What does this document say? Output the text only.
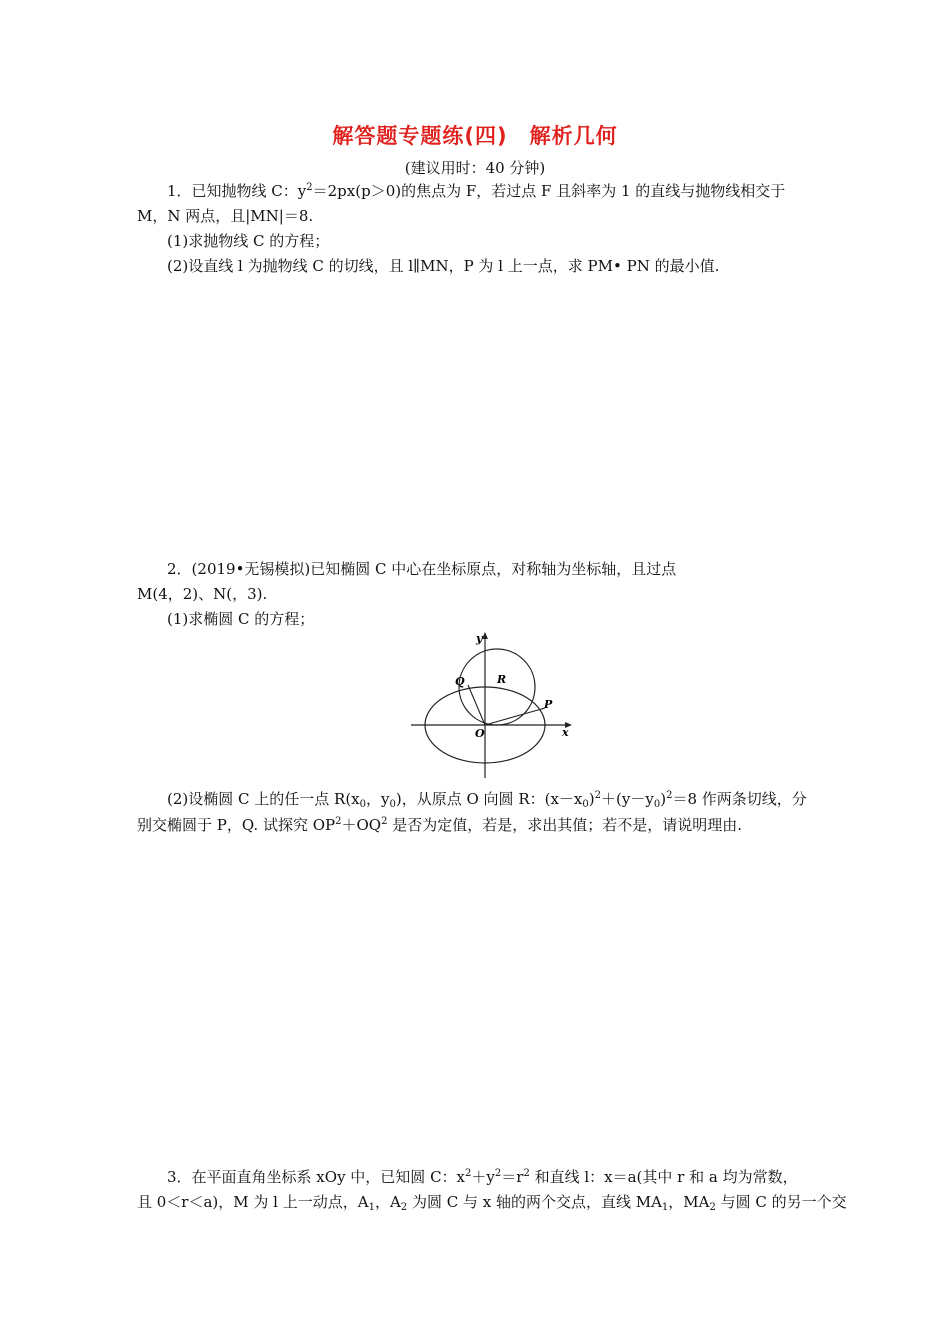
解答题专题练(四)　解析几何
(建议用时：40 分钟)
1．已知抛物线 C：$y^2=2px(p>0)$的焦点为 F，若过点 F 且斜率为 1 的直线与抛物线相交于
M，N 两点，且|MN|＝8.
(1)求抛物线 C 的方程；
(2)设直线 l 为抛物线 C 的切线，且 l∥MN，P 为 l 上一点，求 PM• PN 的最小值.
2．(2019•无锡模拟)已知椭圆 C 中心在坐标原点，对称轴为坐标轴，且过点
M(4，2)、N(，3).
(1)求椭圆 C 的方程；
y
x
O
Q	R
P
(2)设椭圆 C 上的任一点 $R(x_0$，$y_0$)，从原点 O 向圆 R：$(x-x_0)^2+(y-y_0)^2=8$ 作两条切线，分
别交椭圆于 P，Q. 试探究 $OP^2+OQ^2$ 是否为定值，若是，求出其值；若不是，请说明理由.
3．在平面直角坐标系 xOy 中，已知圆 C：$x^2+y^2=r^2$ 和直线 l：x＝a(其中 r 和 a 均为常数，
且 0＜r＜a)，M 为 l 上一动点，$A_1$，$A_2$ 为圆 C 与 x 轴的两个交点，直线 $MA_1$，$MA_2$ 与圆 C 的另一个交
